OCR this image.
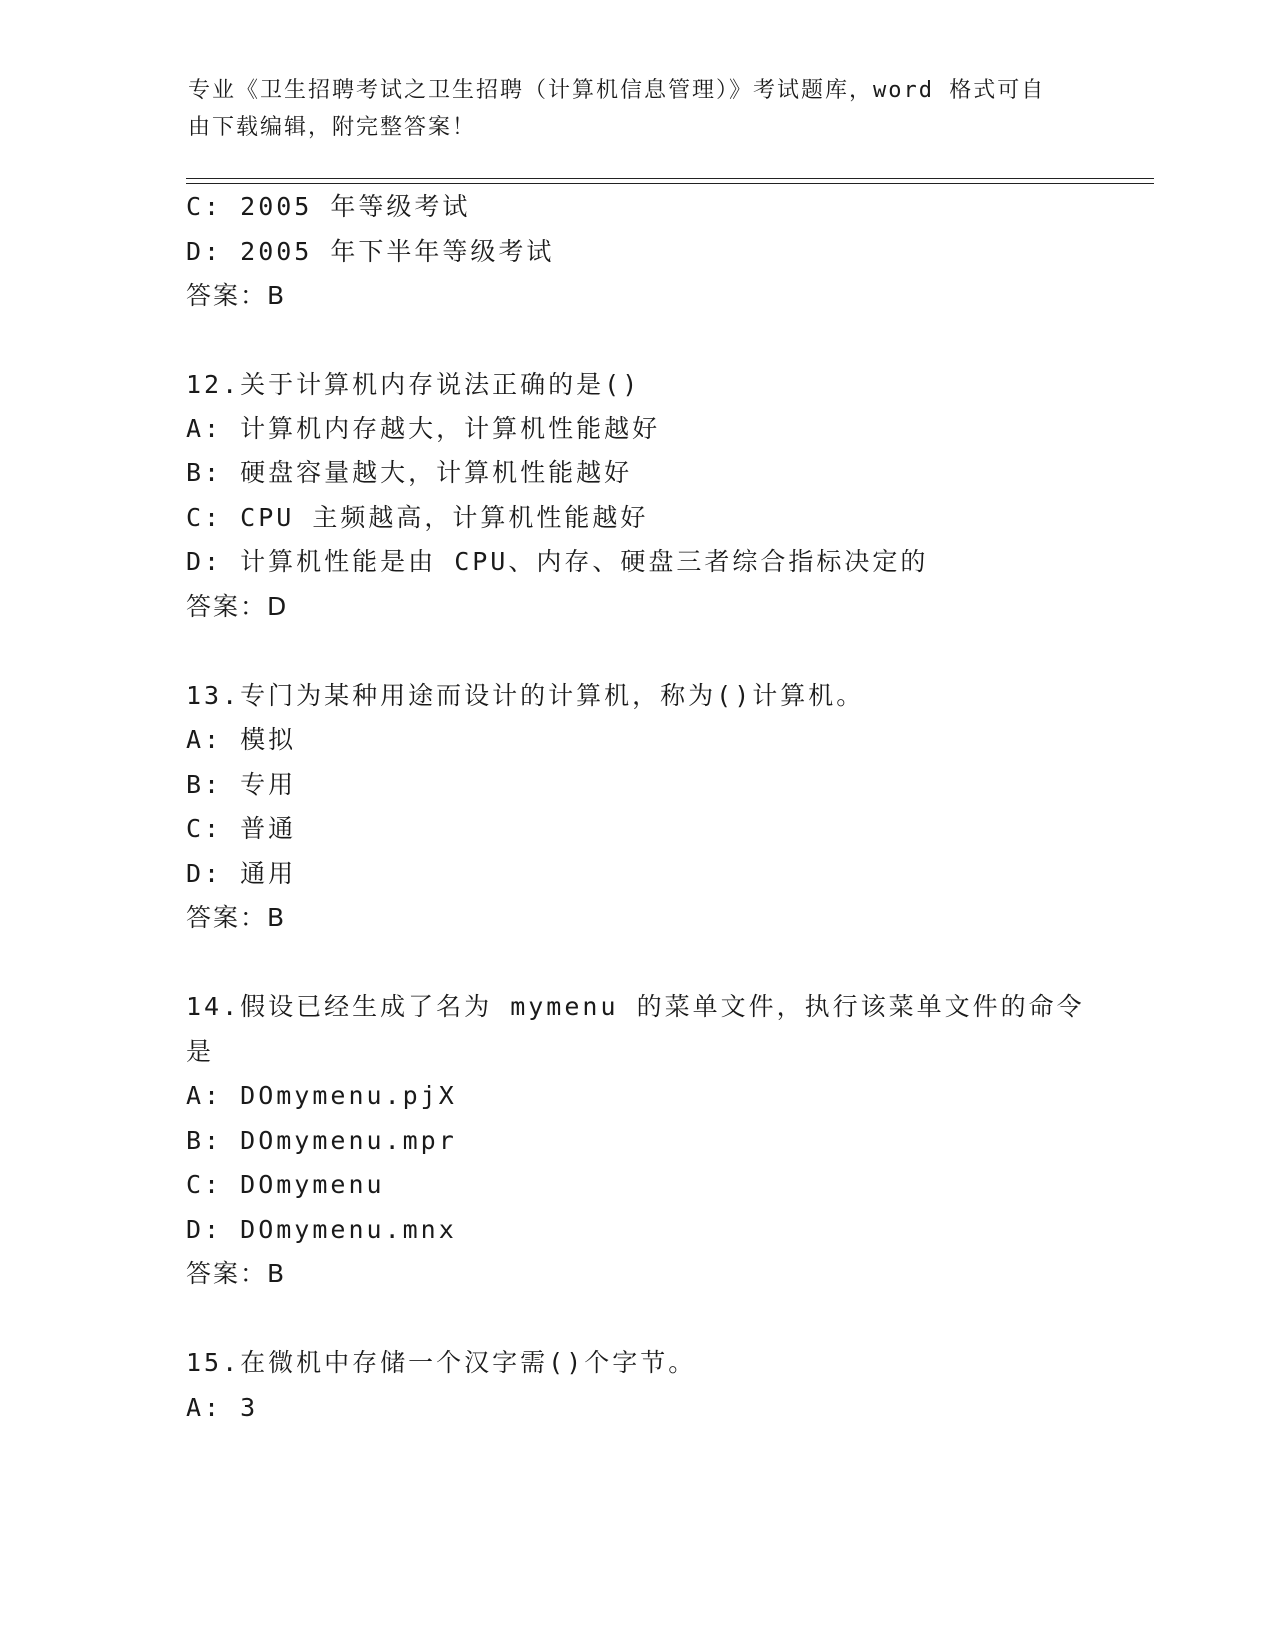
专业《卫生招聘考试之卫生招聘（计算机信息管理）》考试题库，word 格式可自
由下载编辑，附完整答案！
C: 2005 年等级考试
D: 2005 年下半年等级考试
答案：B
12.关于计算机内存说法正确的是()
A: 计算机内存越大，计算机性能越好
B: 硬盘容量越大，计算机性能越好
C: CPU 主频越高，计算机性能越好
D: 计算机性能是由 CPU、内存、硬盘三者综合指标决定的
答案：D
13.专门为某种用途而设计的计算机，称为()计算机。
A: 模拟
B: 专用
C: 普通
D: 通用
答案：B
14.假设已经生成了名为 mymenu 的菜单文件，执行该菜单文件的命令
是
A: DOmymenu.pjX
B: DOmymenu.mpr
C: DOmymenu
D: DOmymenu.mnx
答案：B
15.在微机中存储一个汉字需()个字节。
A: 3
